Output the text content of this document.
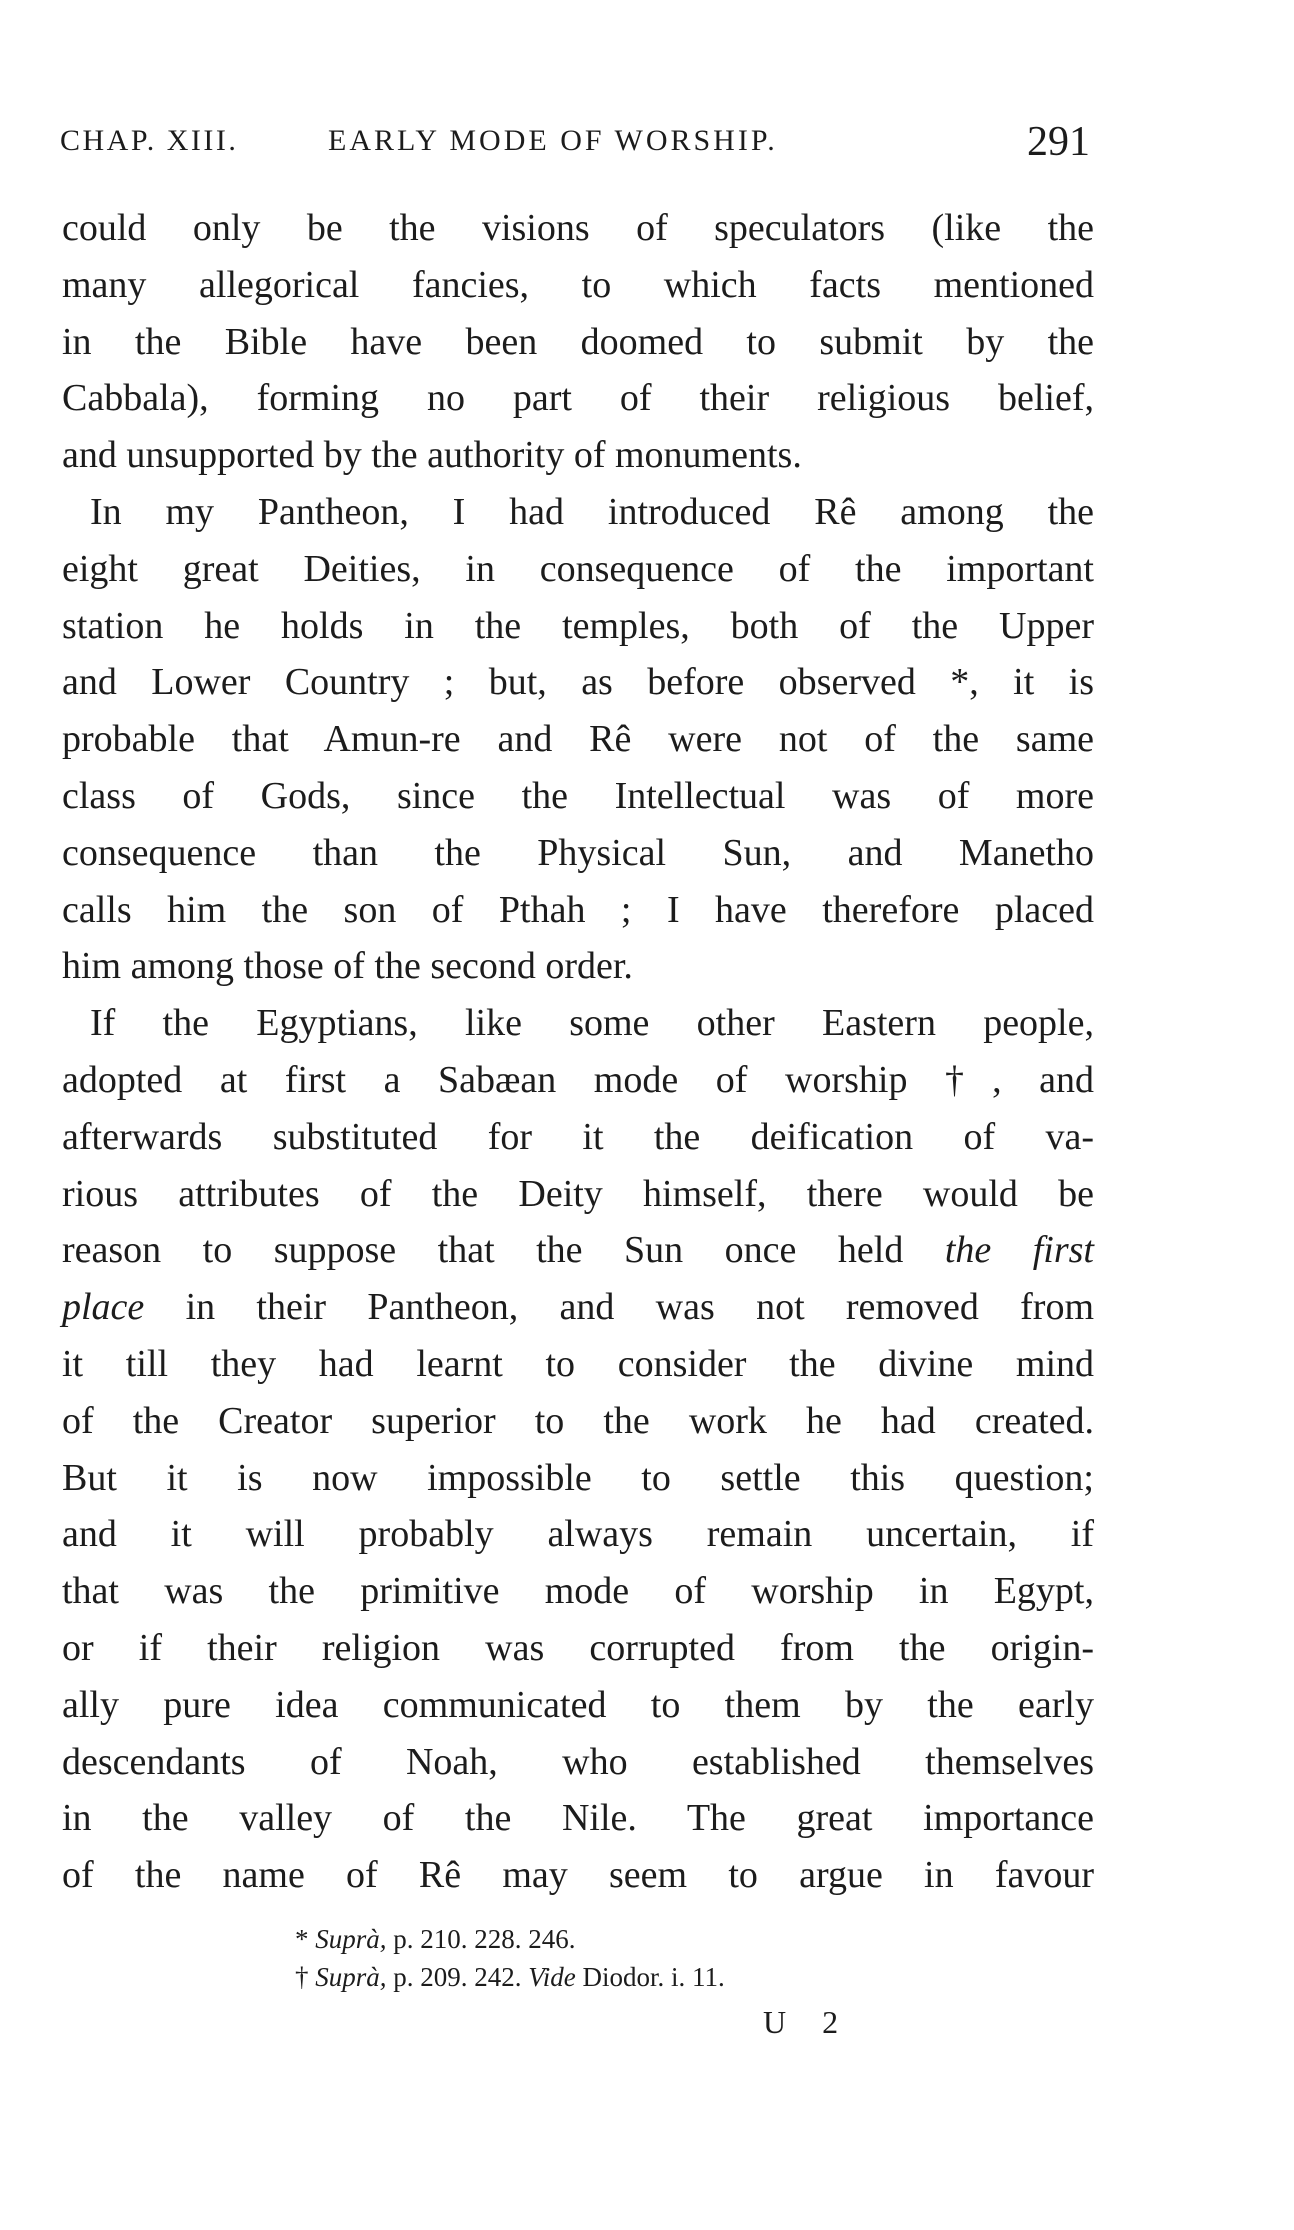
CHAP. XIII.	EARLY MODE OF WORSHIP.	291
could only be the visions of speculators (like the
many allegorical fancies, to which facts mentioned
in the Bible have been doomed to submit by the
Cabbala), forming no part of their religious belief,
and unsupported by the authority of monuments.
In my Pantheon, I had introduced Rê among the
eight great Deities, in consequence of the important
station he holds in the temples, both of the Upper
and Lower Country ; but, as before observed *, it is
probable that Amun-re and Rê were not of the same
class of Gods, since the Intellectual was of more
consequence than the Physical Sun, and Manetho
calls him the son of Pthah ; I have therefore placed
him among those of the second order.
If the Egyptians, like some other Eastern people,
adopted at first a Sabæan mode of worship †, and
afterwards substituted for it the deification of va-
rious attributes of the Deity himself, there would be
reason to suppose that the Sun once held the first
place in their Pantheon, and was not removed from
it till they had learnt to consider the divine mind
of the Creator superior to the work he had created.
But it is now impossible to settle this question;
and it will probably always remain uncertain, if
that was the primitive mode of worship in Egypt,
or if their religion was corrupted from the origin-
ally pure idea communicated to them by the early
descendants of Noah, who established themselves
in the valley of the Nile. The great importance
of the name of Rê may seem to argue in favour
* Suprà, p. 210. 228. 246.
† Suprà, p. 209. 242. Vide Diodor. i. 11.
U 2
